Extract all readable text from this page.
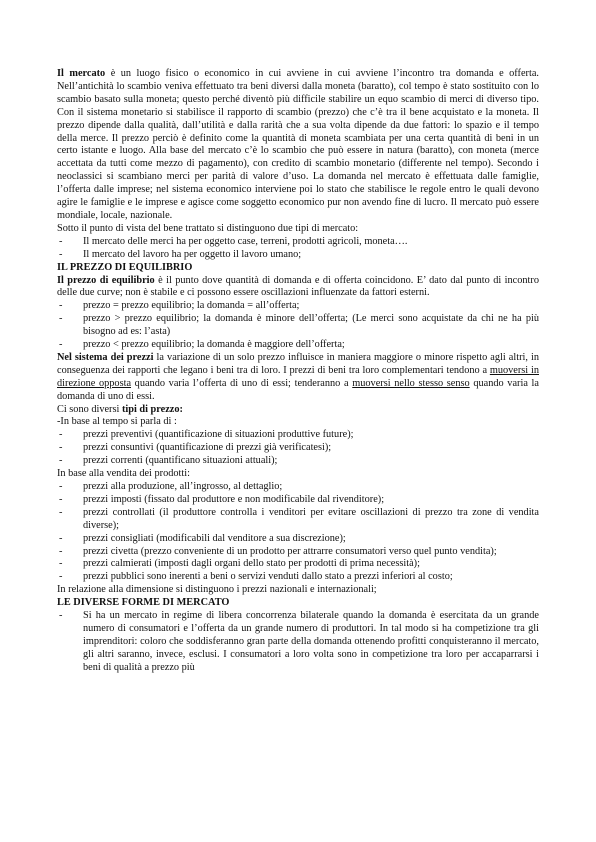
Il mercato è un luogo fisico o economico in cui avviene in cui avviene l’incontro tra domanda e offerta. Nell’antichità lo scambio veniva effettuato tra beni diversi dalla moneta (baratto), col tempo è stato sostituito con lo scambio basato sulla moneta; questo perché diventò più difficile stabilire un equo scambio di merci di diverso tipo. Con il sistema monetario si stabilisce il rapporto di scambio (prezzo) che c’è tra il bene acquistato e la moneta. Il prezzo dipende dalla qualità, dall’utilità e dalla rarità che a sua volta dipende da due fattori: lo spazio e il tempo della merce. Il prezzo perciò è definito come la quantità di moneta scambiata per una certa quantità di beni in un certo istante e luogo. Alla base del mercato c’è lo scambio che può essere in natura (baratto), con moneta (merce accettata da tutti come mezzo di pagamento), con credito di scambio monetario (differente nel tempo). Secondo i neoclassici si scambiano merci per parità di valore d’uso. La domanda nel mercato è effettuata dalle famiglie, l’offerta dalle imprese; nel sistema economico interviene poi lo stato che stabilisce le regole entro le quali devono agire le famiglie e le imprese e agisce come soggetto economico pur non avendo fine di lucro. Il mercato può essere mondiale, locale, nazionale.

Sotto il punto di vista del bene trattato si distinguono due tipi di mercato:

- Il mercato delle merci ha per oggetto case, terreni, prodotti agricoli, moneta….
- Il mercato del lavoro ha per oggetto il lavoro umano;
IL PREZZO DI EQUILIBRIO

Il prezzo di equilibrio è il punto dove quantità di domanda e di offerta coincidono. E’ dato dal punto di incontro delle due curve; non è stabile e ci possono essere oscillazioni influenzate da fattori esterni.

- prezzo = prezzo equilibrio; la domanda = all’offerta;
- prezzo > prezzo equilibrio; la domanda è minore dell’offerta; (Le merci sono acquistate da chi ne ha più bisogno ad es: l’asta)
- prezzo < prezzo equilibrio; la domanda è maggiore dell’offerta;

Nel sistema dei prezzi la variazione di un solo prezzo influisce in maniera maggiore o minore rispetto agli altri, in conseguenza dei rapporti che legano i beni tra di loro. I prezzi di beni tra loro complementari tendono a muoversi in direzione opposta quando varia l’offerta di uno di essi; tenderanno a muoversi nello stesso senso quando varia la domanda di uno di essi.

Ci sono diversi tipi di prezzo:

-In base al tempo si parla di :

- prezzi preventivi (quantificazione di situazioni produttive future);
- prezzi consuntivi (quantificazione di prezzi già verificatesi);
- prezzi correnti (quantificano situazioni attuali);

In base alla vendita dei prodotti:

- prezzi alla produzione, all’ingrosso, al dettaglio;
- prezzi imposti (fissato dal produttore e non modificabile dal rivenditore);
- prezzi controllati (il produttore controlla i venditori per evitare oscillazioni di prezzo tra zone di vendita diverse);
- prezzi consigliati (modificabili dal venditore a sua discrezione);
- prezzi civetta (prezzo conveniente di un prodotto per attrarre consumatori verso quel punto vendita);
- prezzi calmierati (imposti dagli organi dello stato per prodotti di prima necessità);
- prezzi pubblici sono inerenti a beni o servizi venduti dallo stato a prezzi inferiori al costo;

In relazione alla dimensione si distinguono i prezzi nazionali e internazionali;

LE DIVERSE FORME DI MERCATO
- Si ha un mercato in regime di libera concorrenza bilaterale quando la domanda è esercitata da un grande numero di consumatori e l’offerta da un grande numero di produttori. In tal modo si ha competizione tra gli imprenditori: coloro che soddisferanno gran parte della domanda ottenendo profitti conquisteranno il mercato, gli altri saranno, invece, esclusi. I consumatori a loro volta sono in competizione tra loro per accaparrarsi i beni di qualità a prezzo più
